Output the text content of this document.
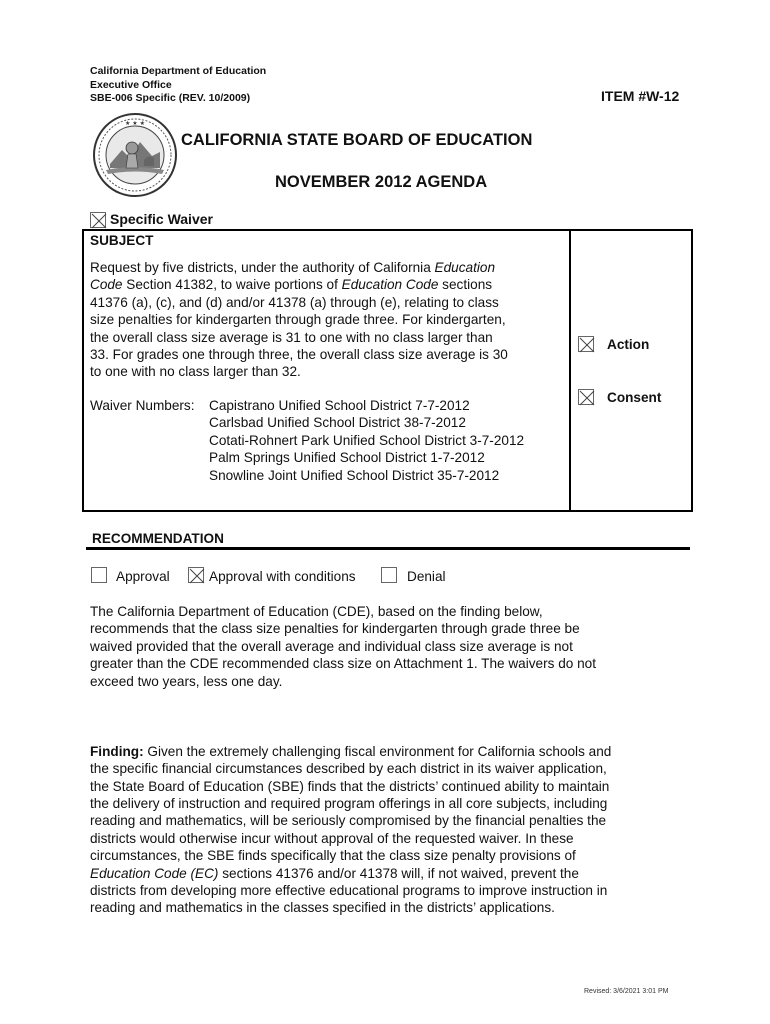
California Department of Education
Executive Office
SBE-006 Specific (REV. 10/2009)	ITEM #W-12
★ ★ ★
CALIFORNIA STATE BOARD OF EDUCATION
NOVEMBER 2012 AGENDA
Specific Waiver
SUBJECT
Request by five districts, under the authority of California Education
Code Section 41382, to waive portions of Education Code sections
41376 (a), (c), and (d) and/or 41378 (a) through (e), relating to class
size penalties for kindergarten through grade three. For kindergarten,
the overall class size average is 31 to one with no class larger than
33. For grades one through three, the overall class size average is 30
to one with no class larger than 32.
Waiver Numbers: Capistrano Unified School District 7-7-2012
Carlsbad Unified School District 38-7-2012
Cotati-Rohnert Park Unified School District 3-7-2012
Palm Springs Unified School District 1-7-2012
Snowline Joint Unified School District 35-7-2012
Action
Consent
RECOMMENDATION
Approval	Approval with conditions	Denial
The California Department of Education (CDE), based on the finding below,
recommends that the class size penalties for kindergarten through grade three be
waived provided that the overall average and individual class size average is not
greater than the CDE recommended class size on Attachment 1. The waivers do not
exceed two years, less one day.

Finding: Given the extremely challenging fiscal environment for California schools and
the specific financial circumstances described by each district in its waiver application,
the State Board of Education (SBE) finds that the districts’ continued ability to maintain
the delivery of instruction and required program offerings in all core subjects, including
reading and mathematics, will be seriously compromised by the financial penalties the
districts would otherwise incur without approval of the requested waiver. In these
circumstances, the SBE finds specifically that the class size penalty provisions of
Education Code (EC) sections 41376 and/or 41378 will, if not waived, prevent the
districts from developing more effective educational programs to improve instruction in
reading and mathematics in the classes specified in the districts’ applications.

Revised: 3/6/2021 3:01 PM
